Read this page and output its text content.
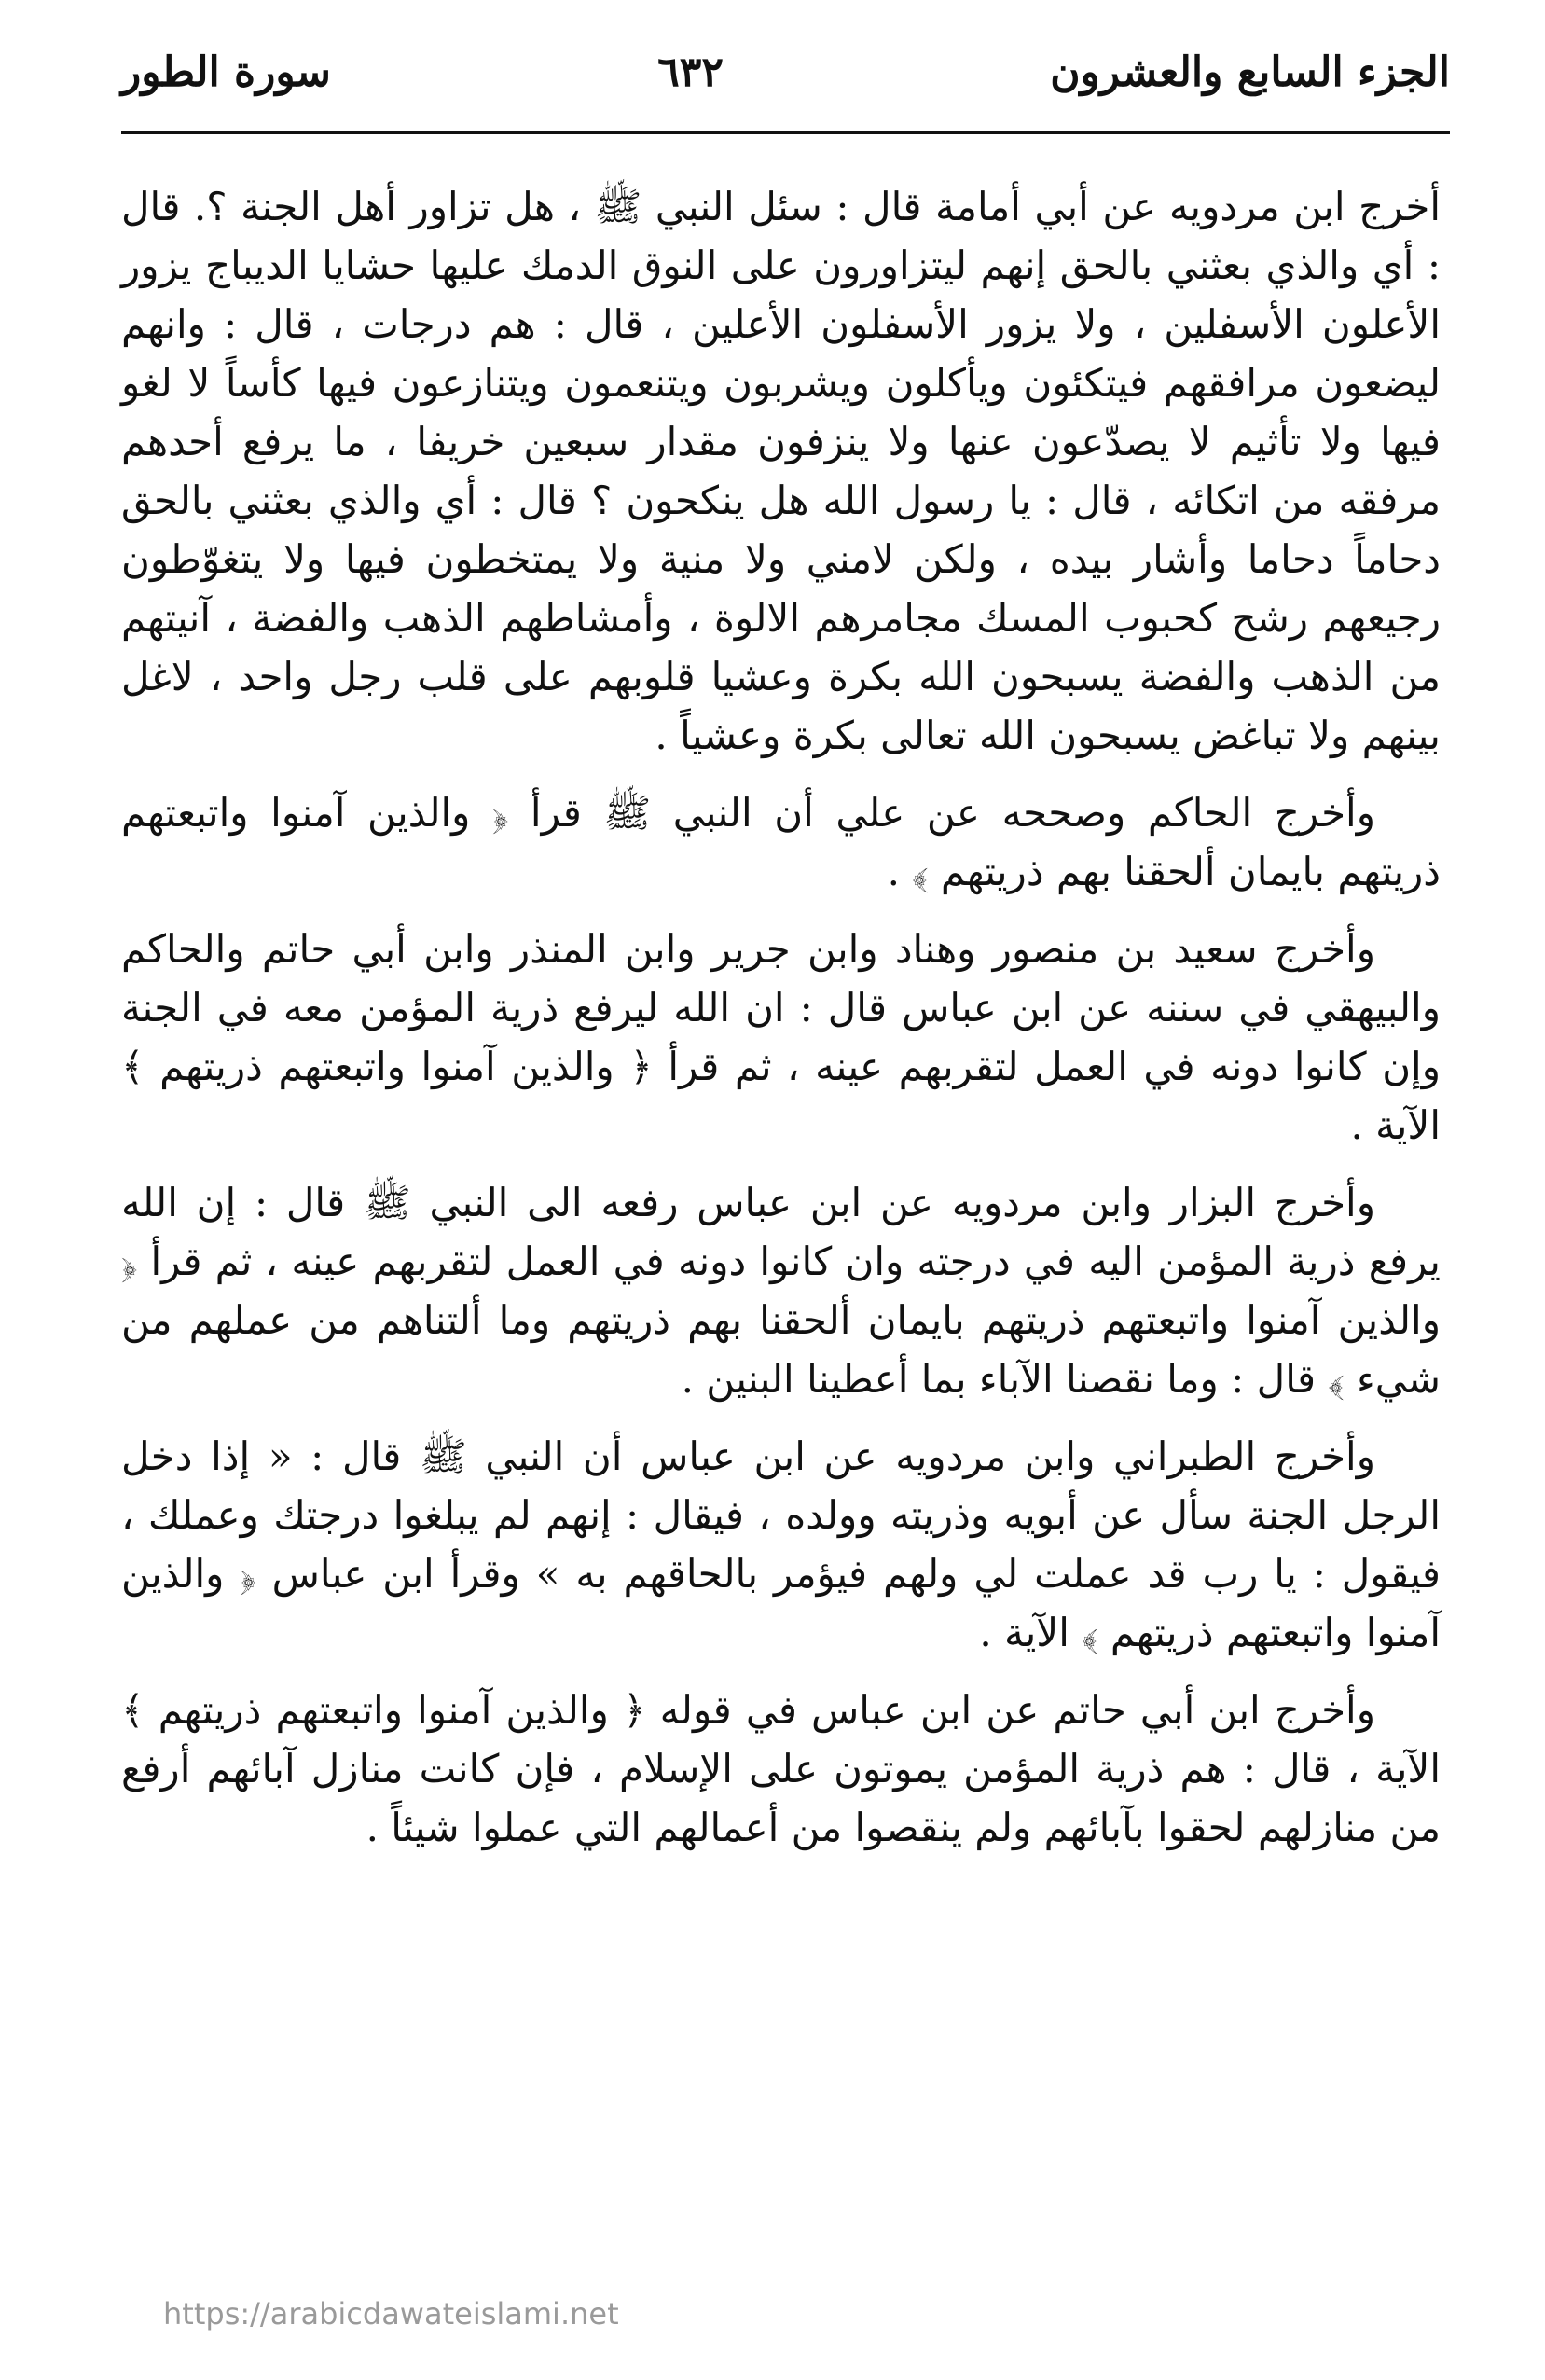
الجزء السابع والعشرون
٦٣٢
سورة الطور

أخرج ابن مردويه عن أبي أمامة قال : سئل النبي ﷺ ، هل تزاور أهل الجنة ؟. قال : أي والذي بعثني بالحق إنهم ليتزاورون على النوق الدمك عليها حشايا الديباج يزور الأعلون الأسفلين ، ولا يزور الأسفلون الأعلين ، قال : هم درجات ، قال : وانهم ليضعون مرافقهم فيتكئون ويأكلون ويشربون ويتنعمون ويتنازعون فيها كأساً لا لغو فيها ولا تأثيم لا يصدّعون عنها ولا ينزفون مقدار سبعين خريفا ، ما يرفع أحدهم مرفقه من اتكائه ، قال : يا رسول الله هل ينكحون ؟ قال : أي والذي بعثني بالحق دحاماً دحاما وأشار بيده ، ولكن لامني ولا منية ولا يمتخطون فيها ولا يتغوّطون رجيعهم رشح كحبوب المسك مجامرهم الالوة ، وأمشاطهم الذهب والفضة ، آنيتهم من الذهب والفضة يسبحون الله بكرة وعشيا قلوبهم على قلب رجل واحد ، لاغل بينهم ولا تباغض يسبحون الله تعالى بكرة وعشياً .

وأخرج الحاكم وصححه عن علي أن النبي ﷺ قرأ ﴿ والذين آمنوا واتبعتهم ذريتهم بايمان ألحقنا بهم ذريتهم ﴾ .

وأخرج سعيد بن منصور وهناد وابن جرير وابن المنذر وابن أبي حاتم والحاكم والبيهقي في سننه عن ابن عباس قال : ان الله ليرفع ذرية المؤمن معه في الجنة وإن كانوا دونه في العمل لتقربهم عينه ، ثم قرأ ﴿ والذين آمنوا واتبعتهم ذريتهم ﴾ الآية .

وأخرج البزار وابن مردويه عن ابن عباس رفعه الى النبي ﷺ قال : إن الله يرفع ذرية المؤمن اليه في درجته وان كانوا دونه في العمل لتقربهم عينه ، ثم قرأ ﴿ والذين آمنوا واتبعتهم ذريتهم بايمان ألحقنا بهم ذريتهم وما ألتناهم من عملهم من شيء ﴾ قال : وما نقصنا الآباء بما أعطينا البنين .

وأخرج الطبراني وابن مردويه عن ابن عباس أن النبي ﷺ قال : « إذا دخل الرجل الجنة سأل عن أبويه وذريته وولده ، فيقال : إنهم لم يبلغوا درجتك وعملك ، فيقول : يا رب قد عملت لي ولهم فيؤمر بالحاقهم به » وقرأ ابن عباس ﴿ والذين آمنوا واتبعتهم ذريتهم ﴾ الآية .

وأخرج ابن أبي حاتم عن ابن عباس في قوله ﴿ والذين آمنوا واتبعتهم ذريتهم ﴾ الآية ، قال : هم ذرية المؤمن يموتون على الإسلام ، فإن كانت منازل آبائهم أرفع من منازلهم لحقوا بآبائهم ولم ينقصوا من أعمالهم التي عملوا شيئاً .

https://arabicdawateislami.net
